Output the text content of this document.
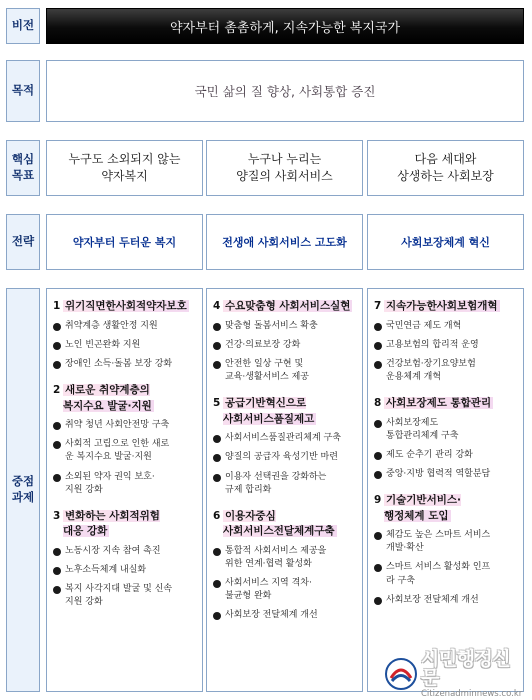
비전
목적
핵심
목표
전략
중점
과제
약자부터 촘촘하게, 지속가능한 복지국가
국민 삶의 질 향상, 사회통합 증진
누구도 소외되지 않는
약자복지
누구나 누리는
양질의 사회서비스
다음 세대와
상생하는 사회보장
약자부터 두터운 복지	전생애 사회서비스 고도화	사회보장체계 혁신
1 위기직면한사회적약자보호
취약계층 생활안정 지원
노인 빈곤완화 지원
장애인 소득·돌봄 보장 강화
2 새로운 취약계층의
복지수요 발굴·지원
취약 청년 사회안전망 구축
사회적 고립으로 인한 새로
운 복지수요 발굴·지원
소외된 약자 권익 보호·
지원 강화
3 변화하는 사회적위험
대응 강화
노동시장 지속 참여 촉진
노후소득체계 내실화
복지 사각지대 발굴 및 신속
지원 강화
4 수요맞춤형 사회서비스실현
맞춤형 돌봄서비스 확충
건강·의료보장 강화
안전한 일상 구현 및
교육·생활서비스 제공
5 공급기반혁신으로
사회서비스품질제고
사회서비스품질관리체계 구축
양질의 공급자 육성기반 마련
이용자 선택권을 강화하는
규제 합리화
6 이용자중심
사회서비스전달체계구축
통합적 사회서비스 제공을
위한 연계·협력 활성화
사회서비스 지역 격차·
불균형 완화
사회보장 전달체계 개선
7 지속가능한사회보험개혁
국민연금 제도 개혁
고용보험의 합리적 운영
건강보험·장기요양보험
운용체계 개혁
8 사회보장제도 통합관리
사회보장제도
통합관리체계 구축
제도 순추기 관리 강화
중앙·지방 협력적 역할분담
9 기술기반서비스·
행정체계 도입
체감도 높은 스마트 서비스
개발·확산
스마트 서비스 활성화 인프
라 구축
사회보장 전달체계 개선
시민행정신문
Citizenadminnews.co.kr
